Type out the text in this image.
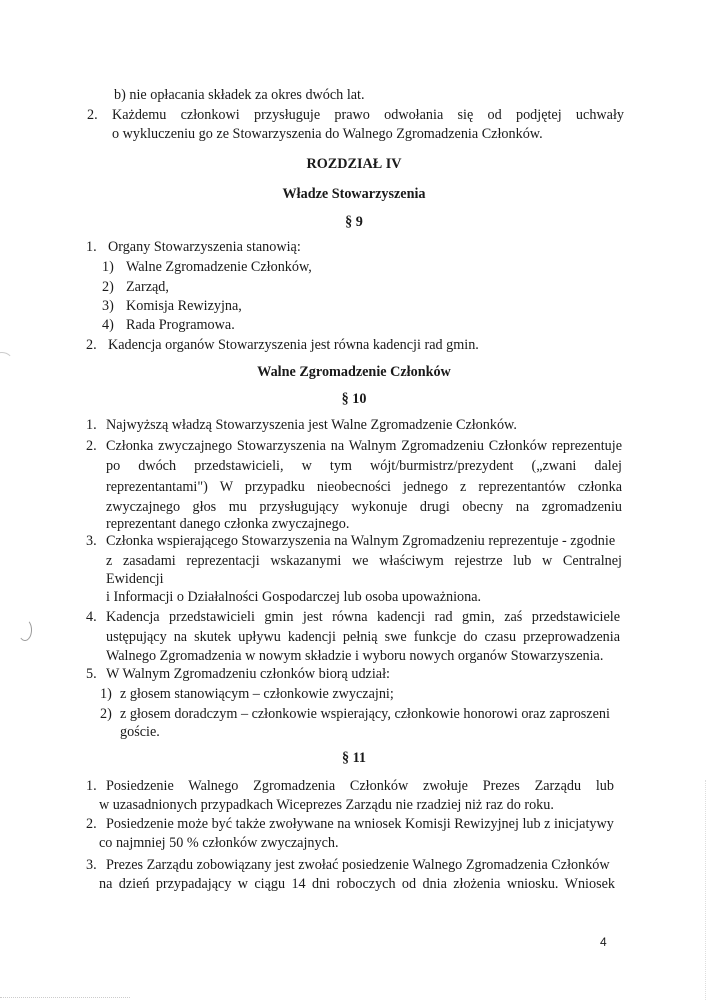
b) nie opłacania składek za okres dwóch lat.
2. Każdemu członkowi przysługuje prawo odwołania się od podjętej uchwały
o wykluczeniu go ze Stowarzyszenia do Walnego Zgromadzenia Członków.
ROZDZIAŁ IV
Władze Stowarzyszenia
§ 9
1. Organy Stowarzyszenia stanowią:
1) Walne Zgromadzenie Członków,
2) Zarząd,
3) Komisja Rewizyjna,
4) Rada Programowa.
2. Kadencja organów Stowarzyszenia jest równa kadencji rad gmin.
Walne Zgromadzenie Członków
§ 10
1. Najwyższą władzą Stowarzyszenia jest Walne Zgromadzenie Członków.
2. Członka zwyczajnego Stowarzyszenia na Walnym Zgromadzeniu Członków reprezentuje
po dwóch przedstawicieli, w tym wójt/burmistrz/prezydent („zwani dalej
reprezentantami") W przypadku nieobecności jednego z reprezentantów członka
zwyczajnego głos mu przysługujący wykonuje drugi obecny na zgromadzeniu
reprezentant danego członka zwyczajnego.
3. Członka wspierającego Stowarzyszenia na Walnym Zgromadzeniu reprezentuje - zgodnie
z zasadami reprezentacji wskazanymi we właściwym rejestrze lub w Centralnej
Ewidencji
i Informacji o Działalności Gospodarczej lub osoba upoważniona.
4. Kadencja przedstawicieli gmin jest równa kadencji rad gmin, zaś przedstawiciele
ustępujący na skutek upływu kadencji pełnią swe funkcje do czasu przeprowadzenia
Walnego Zgromadzenia w nowym składzie i wyboru nowych organów Stowarzyszenia.
5. W Walnym Zgromadzeniu członków biorą udział:
1) z głosem stanowiącym – członkowie zwyczajni;
2) z głosem doradczym – członkowie wspierający, członkowie honorowi oraz zaproszeni
goście.
§ 11
1. Posiedzenie Walnego Zgromadzenia Członków zwołuje Prezes Zarządu lub
w uzasadnionych przypadkach Wiceprezes Zarządu nie rzadziej niż raz do roku.
2. Posiedzenie może być także zwoływane na wniosek Komisji Rewizyjnej lub z inicjatywy
co najmniej 50 % członków zwyczajnych.
3. Prezes Zarządu zobowiązany jest zwołać posiedzenie Walnego Zgromadzenia Członków
na dzień przypadający w ciągu 14 dni roboczych od dnia złożenia wniosku. Wniosek
4
